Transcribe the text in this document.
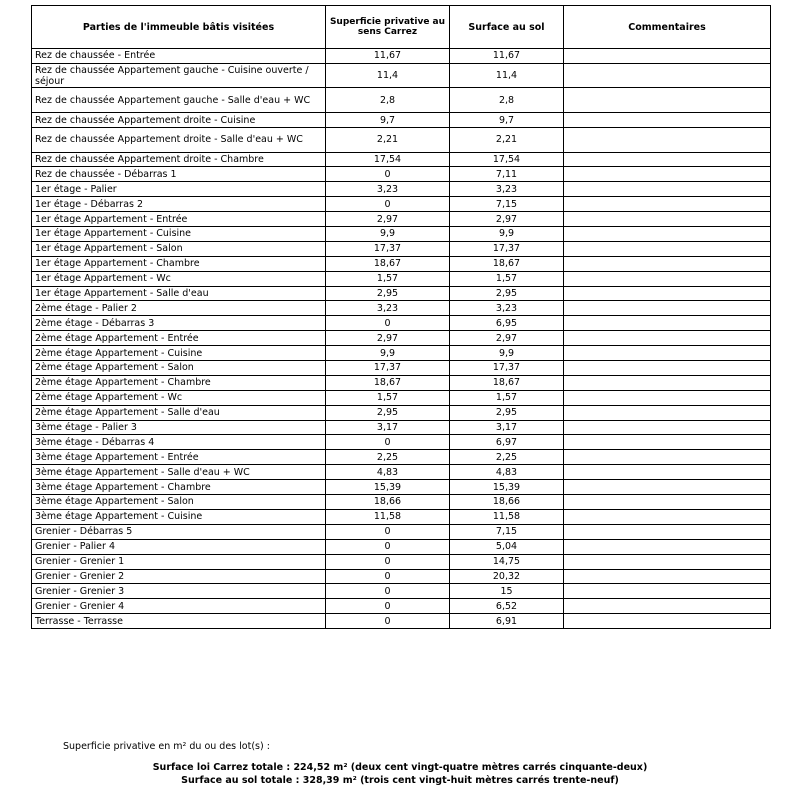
Parties de l'immeuble bâtis visitées	Superficie privative au sens Carrez	Surface au sol	Commentaires
Rez de chaussée - Entrée	11,67	11,67	
Rez de chaussée Appartement gauche - Cuisine ouverte / séjour	11,4	11,4	
Rez de chaussée Appartement gauche - Salle d'eau + WC	2,8	2,8	
Rez de chaussée Appartement droite - Cuisine	9,7	9,7	
Rez de chaussée Appartement droite - Salle d'eau + WC	2,21	2,21	
Rez de chaussée Appartement droite - Chambre	17,54	17,54	
Rez de chaussée - Débarras 1	0	7,11	
1er étage - Palier	3,23	3,23	
1er étage - Débarras 2	0	7,15	
1er étage Appartement - Entrée	2,97	2,97	
1er étage Appartement - Cuisine	9,9	9,9	
1er étage Appartement - Salon	17,37	17,37	
1er étage Appartement - Chambre	18,67	18,67	
1er étage Appartement - Wc	1,57	1,57	
1er étage Appartement - Salle d'eau	2,95	2,95	
2ème étage - Palier 2	3,23	3,23	
2ème étage - Débarras 3	0	6,95	
2ème étage Appartement - Entrée	2,97	2,97	
2ème étage Appartement - Cuisine	9,9	9,9	
2ème étage Appartement - Salon	17,37	17,37	
2ème étage Appartement - Chambre	18,67	18,67	
2ème étage Appartement - Wc	1,57	1,57	
2ème étage Appartement - Salle d'eau	2,95	2,95	
3ème étage - Palier 3	3,17	3,17	
3ème étage - Débarras 4	0	6,97	
3ème étage Appartement - Entrée	2,25	2,25	
3ème étage Appartement - Salle d'eau + WC	4,83	4,83	
3ème étage Appartement - Chambre	15,39	15,39	
3ème étage Appartement - Salon	18,66	18,66	
3ème étage Appartement - Cuisine	11,58	11,58	
Grenier - Débarras 5	0	7,15	
Grenier - Palier 4	0	5,04	
Grenier - Grenier 1	0	14,75	
Grenier - Grenier 2	0	20,32	
Grenier - Grenier 3	0	15	
Grenier - Grenier 4	0	6,52	
Terrasse - Terrasse	0	6,91	
Superficie privative en m² du ou des lot(s) :
Surface loi Carrez totale : 224,52 m² (deux cent vingt-quatre mètres carrés cinquante-deux)
Surface au sol totale : 328,39 m² (trois cent vingt-huit mètres carrés trente-neuf)
